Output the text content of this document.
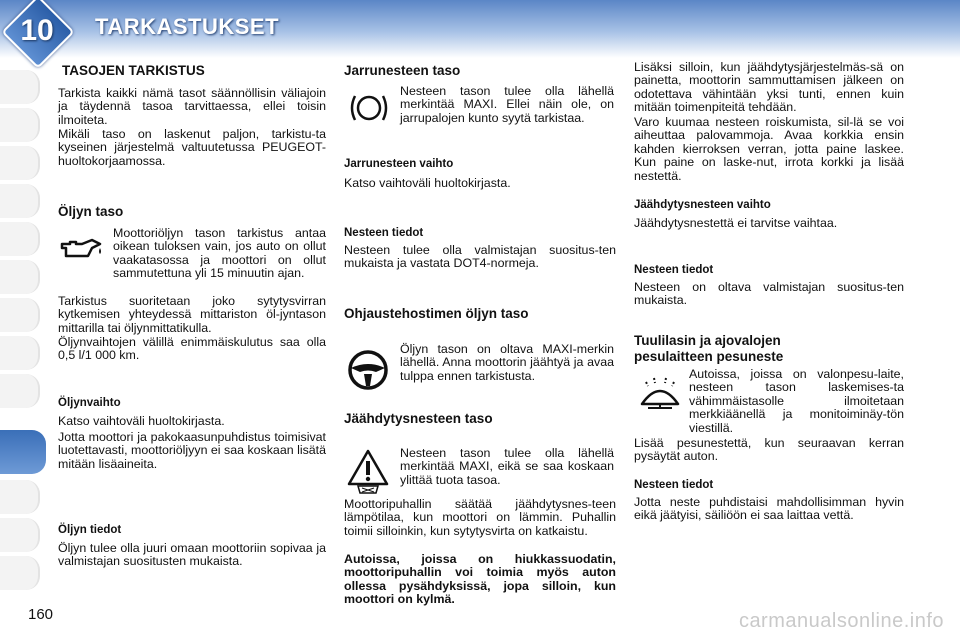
10	TARKASTUKSET
160
TASOJEN TARKISTUS
Tarkista kaikki nämä tasot säännöllisin väliajoin ja täydennä tasoa tarvittaessa, ellei toisin ilmoiteta.
Mikäli taso on laskenut paljon, tarkistu-ta kyseinen järjestelmä valtuutetussa PEUGEOT-huoltokorjaamossa.
Öljyn taso
Moottoriöljyn tason tarkistus antaa oikean tuloksen vain, jos auto on ollut vaakatasossa ja moottori on ollut sammutettuna yli 15 minuutin ajan.
Tarkistus suoritetaan joko sytytysvirran kytkemisen yhteydessä mittariston öl-jyntason mittarilla tai öljynmittatikulla.
Öljynvaihtojen välillä enimmäiskulutus saa olla 0,5 l/1 000 km.
Öljynvaihto
Katso vaihtoväli huoltokirjasta.
Jotta moottori ja pakokaasunpuhdistus toimisivat luotettavasti, moottoriöljyyn ei saa koskaan lisätä mitään lisäaineita.
Öljyn tiedot
Öljyn tulee olla juuri omaan moottoriin sopivaa ja valmistajan suositusten mukaista.
Jarrunesteen taso
Nesteen tason tulee olla lähellä merkintää MAXI. Ellei näin ole, on jarrupalojen kunto syytä tarkistaa.
Jarrunesteen vaihto
Katso vaihtoväli huoltokirjasta.
Nesteen tiedot
Nesteen tulee olla valmistajan suositus-ten mukaista ja vastata DOT4-normeja.
Ohjaustehostimen öljyn taso
Öljyn tason on oltava MAXI-merkin lähellä. Anna moottorin jäähtyä ja avaa tulppa ennen tarkistusta.
Jäähdytysnesteen taso
Nesteen tason tulee olla lähellä merkintää MAXI, eikä se saa koskaan ylittää tuota tasoa.
Moottoripuhallin säätää jäähdytysnes-teen lämpötilaa, kun moottori on lämmin. Puhallin toimii silloinkin, kun sytytysvirta on katkaistu.
Autoissa, joissa on hiukkassuodatin, moottoripuhallin voi toimia myös auton ollessa pysähdyksissä, jopa silloin, kun moottori on kylmä.
Lisäksi silloin, kun jäähdytysjärjestelmäs-sä on painetta, moottorin sammuttamisen jälkeen on odotettava vähintään yksi tunti, ennen kuin mitään toimenpiteitä tehdään.
Varo kuumaa nesteen roiskumista, sil-lä se voi aiheuttaa palovammoja. Avaa korkkia ensin kahden kierroksen verran, jotta paine laskee. Kun paine on laske-nut, irrota korkki ja lisää nestettä.
Jäähdytysnesteen vaihto
Jäähdytysnestettä ei tarvitse vaihtaa.
Nesteen tiedot
Nesteen on oltava valmistajan suositus-ten mukaista.
Tuulilasin ja ajovalojen pesulaitteen pesuneste
Autoissa, joissa on valonpesu-laite, nesteen tason laskemises-ta vähimmäistasolle ilmoitetaan merkkiäänellä ja monitoiminäy-tön viestillä.
Lisää pesunestettä, kun seuraavan kerran pysäytät auton.
Nesteen tiedot
Jotta neste puhdistaisi mahdollisimman hyvin eikä jäätyisi, säiliöön ei saa laittaa vettä.
carmanualsonline.info
